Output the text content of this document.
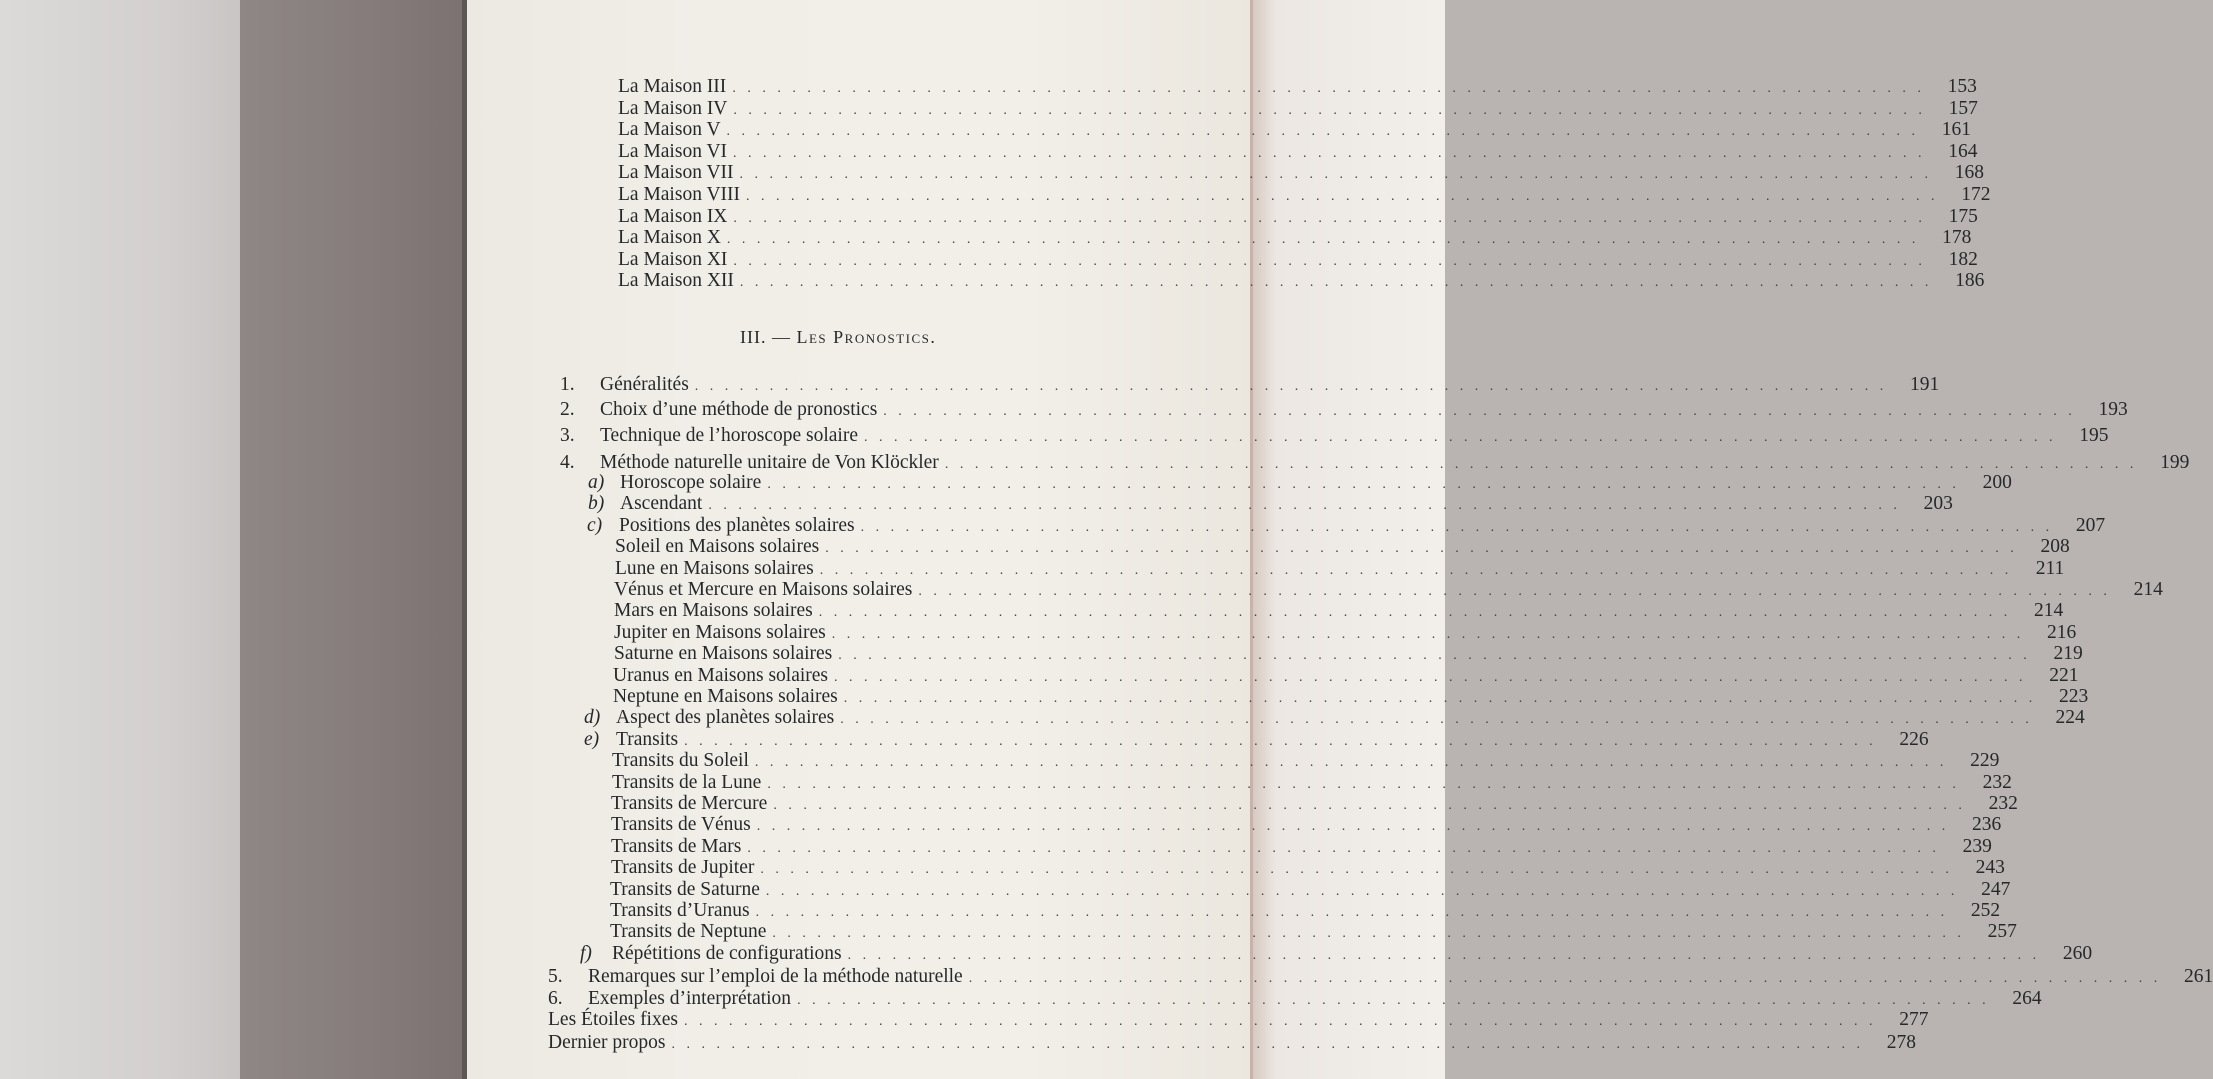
La Maison III . . . . . . . . . . . . . . . . . . . . . . . . . . . . . . . . . . . . . . . . . . . . . . . . . . . . . . . . . . . . . . . . . . . . . . . . . . . . . . . .	153
La Maison IV . . . . . . . . . . . . . . . . . . . . . . . . . . . . . . . . . . . . . . . . . . . . . . . . . . . . . . . . . . . . . . . . . . . . . . . . . . . . . . . .	157
La Maison V . . . . . . . . . . . . . . . . . . . . . . . . . . . . . . . . . . . . . . . . . . . . . . . . . . . . . . . . . . . . . . . . . . . . . . . . . . . . . . . .	161
La Maison VI . . . . . . . . . . . . . . . . . . . . . . . . . . . . . . . . . . . . . . . . . . . . . . . . . . . . . . . . . . . . . . . . . . . . . . . . . . . . . . . .	164
La Maison VII . . . . . . . . . . . . . . . . . . . . . . . . . . . . . . . . . . . . . . . . . . . . . . . . . . . . . . . . . . . . . . . . . . . . . . . . . . . . . . . .	168
La Maison VIII . . . . . . . . . . . . . . . . . . . . . . . . . . . . . . . . . . . . . . . . . . . . . . . . . . . . . . . . . . . . . . . . . . . . . . . . . . . . . . . .	172
La Maison IX . . . . . . . . . . . . . . . . . . . . . . . . . . . . . . . . . . . . . . . . . . . . . . . . . . . . . . . . . . . . . . . . . . . . . . . . . . . . . . . .	175
La Maison X . . . . . . . . . . . . . . . . . . . . . . . . . . . . . . . . . . . . . . . . . . . . . . . . . . . . . . . . . . . . . . . . . . . . . . . . . . . . . . . .	178
La Maison XI . . . . . . . . . . . . . . . . . . . . . . . . . . . . . . . . . . . . . . . . . . . . . . . . . . . . . . . . . . . . . . . . . . . . . . . . . . . . . . . .	182
La Maison XII . . . . . . . . . . . . . . . . . . . . . . . . . . . . . . . . . . . . . . . . . . . . . . . . . . . . . . . . . . . . . . . . . . . . . . . . . . . . . . . .	186
III. — Les Pronostics.
1.	Généralités . . . . . . . . . . . . . . . . . . . . . . . . . . . . . . . . . . . . . . . . . . . . . . . . . . . . . . . . . . . . . . . . . . . . . . . . . . . . . . . .	191
2.	Choix d’une méthode de pronostics . . . . . . . . . . . . . . . . . . . . . . . . . . . . . . . . . . . . . . . . . . . . . . . . . . . . . . . . . . . . . . . . . . . . . . . . . . . . . . . .	193
3.	Technique de l’horoscope solaire . . . . . . . . . . . . . . . . . . . . . . . . . . . . . . . . . . . . . . . . . . . . . . . . . . . . . . . . . . . . . . . . . . . . . . . . . . . . . . . .	195
4.	Méthode naturelle unitaire de Von Klöckler . . . . . . . . . . . . . . . . . . . . . . . . . . . . . . . . . . . . . . . . . . . . . . . . . . . . . . . . . . . . . . . . . . . . . . . . . . . . . . . .	199
a) Horoscope solaire . . . . . . . . . . . . . . . . . . . . . . . . . . . . . . . . . . . . . . . . . . . . . . . . . . . . . . . . . . . . . . . . . . . . . . . . . . . . . . . .	200
b) Ascendant . . . . . . . . . . . . . . . . . . . . . . . . . . . . . . . . . . . . . . . . . . . . . . . . . . . . . . . . . . . . . . . . . . . . . . . . . . . . . . . .	203
c) Positions des planètes solaires . . . . . . . . . . . . . . . . . . . . . . . . . . . . . . . . . . . . . . . . . . . . . . . . . . . . . . . . . . . . . . . . . . . . . . . . . . . . . . . .	207
Soleil en Maisons solaires . . . . . . . . . . . . . . . . . . . . . . . . . . . . . . . . . . . . . . . . . . . . . . . . . . . . . . . . . . . . . . . . . . . . . . . . . . . . . . . .	208
Lune en Maisons solaires . . . . . . . . . . . . . . . . . . . . . . . . . . . . . . . . . . . . . . . . . . . . . . . . . . . . . . . . . . . . . . . . . . . . . . . . . . . . . . . .	211
Vénus et Mercure en Maisons solaires . . . . . . . . . . . . . . . . . . . . . . . . . . . . . . . . . . . . . . . . . . . . . . . . . . . . . . . . . . . . . . . . . . . . . . . . . . . . . . . .	214
Mars en Maisons solaires . . . . . . . . . . . . . . . . . . . . . . . . . . . . . . . . . . . . . . . . . . . . . . . . . . . . . . . . . . . . . . . . . . . . . . . . . . . . . . . .	214
Jupiter en Maisons solaires . . . . . . . . . . . . . . . . . . . . . . . . . . . . . . . . . . . . . . . . . . . . . . . . . . . . . . . . . . . . . . . . . . . . . . . . . . . . . . . .	216
Saturne en Maisons solaires . . . . . . . . . . . . . . . . . . . . . . . . . . . . . . . . . . . . . . . . . . . . . . . . . . . . . . . . . . . . . . . . . . . . . . . . . . . . . . . .	219
Uranus en Maisons solaires . . . . . . . . . . . . . . . . . . . . . . . . . . . . . . . . . . . . . . . . . . . . . . . . . . . . . . . . . . . . . . . . . . . . . . . . . . . . . . . .	221
Neptune en Maisons solaires . . . . . . . . . . . . . . . . . . . . . . . . . . . . . . . . . . . . . . . . . . . . . . . . . . . . . . . . . . . . . . . . . . . . . . . . . . . . . . . .	223
d) Aspect des planètes solaires . . . . . . . . . . . . . . . . . . . . . . . . . . . . . . . . . . . . . . . . . . . . . . . . . . . . . . . . . . . . . . . . . . . . . . . . . . . . . . . .	224
e) Transits . . . . . . . . . . . . . . . . . . . . . . . . . . . . . . . . . . . . . . . . . . . . . . . . . . . . . . . . . . . . . . . . . . . . . . . . . . . . . . . .	226
Transits du Soleil . . . . . . . . . . . . . . . . . . . . . . . . . . . . . . . . . . . . . . . . . . . . . . . . . . . . . . . . . . . . . . . . . . . . . . . . . . . . . . . .	229
Transits de la Lune . . . . . . . . . . . . . . . . . . . . . . . . . . . . . . . . . . . . . . . . . . . . . . . . . . . . . . . . . . . . . . . . . . . . . . . . . . . . . . . .	232
Transits de Mercure . . . . . . . . . . . . . . . . . . . . . . . . . . . . . . . . . . . . . . . . . . . . . . . . . . . . . . . . . . . . . . . . . . . . . . . . . . . . . . . .	232
Transits de Vénus . . . . . . . . . . . . . . . . . . . . . . . . . . . . . . . . . . . . . . . . . . . . . . . . . . . . . . . . . . . . . . . . . . . . . . . . . . . . . . . .	236
Transits de Mars . . . . . . . . . . . . . . . . . . . . . . . . . . . . . . . . . . . . . . . . . . . . . . . . . . . . . . . . . . . . . . . . . . . . . . . . . . . . . . . .	239
Transits de Jupiter . . . . . . . . . . . . . . . . . . . . . . . . . . . . . . . . . . . . . . . . . . . . . . . . . . . . . . . . . . . . . . . . . . . . . . . . . . . . . . . .	243
Transits de Saturne . . . . . . . . . . . . . . . . . . . . . . . . . . . . . . . . . . . . . . . . . . . . . . . . . . . . . . . . . . . . . . . . . . . . . . . . . . . . . . . .	247
Transits d’Uranus . . . . . . . . . . . . . . . . . . . . . . . . . . . . . . . . . . . . . . . . . . . . . . . . . . . . . . . . . . . . . . . . . . . . . . . . . . . . . . . .	252
Transits de Neptune . . . . . . . . . . . . . . . . . . . . . . . . . . . . . . . . . . . . . . . . . . . . . . . . . . . . . . . . . . . . . . . . . . . . . . . . . . . . . . . .	257
f)	Répétitions de configurations . . . . . . . . . . . . . . . . . . . . . . . . . . . . . . . . . . . . . . . . . . . . . . . . . . . . . . . . . . . . . . . . . . . . . . . . . . . . . . . .	260
5.	Remarques sur l’emploi de la méthode naturelle . . . . . . . . . . . . . . . . . . . . . . . . . . . . . . . . . . . . . . . . . . . . . . . . . . . . . . . . . . . . . . . . . . . . . . . . . . . . . . . .	261
6.	Exemples d’interprétation . . . . . . . . . . . . . . . . . . . . . . . . . . . . . . . . . . . . . . . . . . . . . . . . . . . . . . . . . . . . . . . . . . . . . . . . . . . . . . . .	264
Les Étoiles fixes . . . . . . . . . . . . . . . . . . . . . . . . . . . . . . . . . . . . . . . . . . . . . . . . . . . . . . . . . . . . . . . . . . . . . . . . . . . . . . . .	277
Dernier propos . . . . . . . . . . . . . . . . . . . . . . . . . . . . . . . . . . . . . . . . . . . . . . . . . . . . . . . . . . . . . . . . . . . . . . . . . . . . . . . .	278
